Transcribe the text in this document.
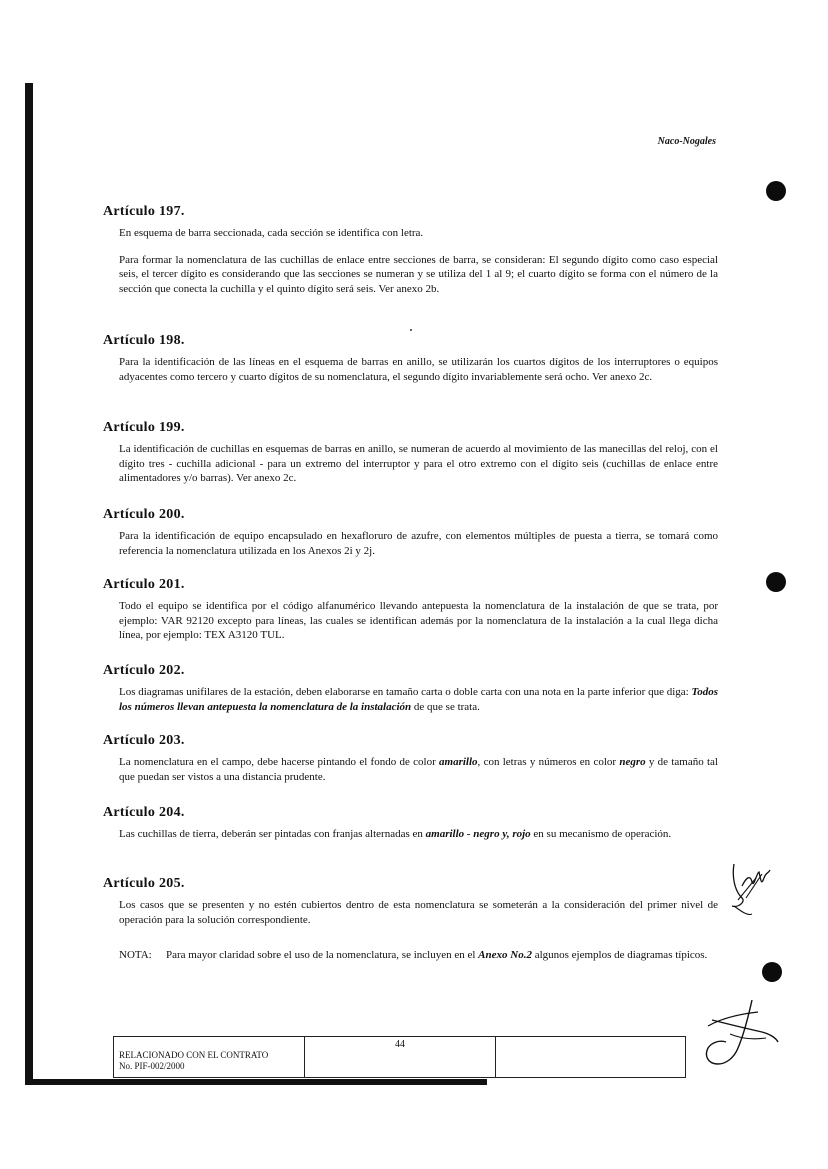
Naco-Nogales
Artículo 197.

En esquema de barra seccionada, cada sección se identifica con letra.

Para formar la nomenclatura de las cuchillas de enlace entre secciones de barra, se consideran: El segundo dígito como caso especial seis, el tercer dígito es considerando que las secciones se numeran y se utiliza del 1 al 9; el cuarto dígito se forma con el número de la sección que conecta la cuchilla y el quinto dígito será seis. Ver anexo 2b.

Artículo 198.

Para la identificación de las líneas en el esquema de barras en anillo, se utilizarán los cuartos dígitos de los interruptores o equipos adyacentes como tercero y cuarto dígitos de su nomenclatura, el segundo dígito invariablemente será ocho. Ver anexo 2c.

Artículo 199.

La identificación de cuchillas en esquemas de barras en anillo, se numeran de acuerdo al movimiento de las manecillas del reloj, con el dígito tres - cuchilla adicional - para un extremo del interruptor y para el otro extremo con el dígito seis (cuchillas de enlace entre alimentadores y/o barras). Ver anexo 2c.

Artículo 200.

Para la identificación de equipo encapsulado en hexafloruro de azufre, con elementos múltiples de puesta a tierra, se tomará como referencia la nomenclatura utilizada en los Anexos 2i y 2j.

Artículo 201.

Todo el equipo se identifica por el código alfanumérico llevando antepuesta la nomenclatura de la instalación de que se trata, por ejemplo: VAR 92120 excepto para líneas, las cuales se identifican además por la nomenclatura de la instalación a la cual llega dicha línea, por ejemplo: TEX A3120 TUL.

Artículo 202.

Los diagramas unifilares de la estación, deben elaborarse en tamaño carta o doble carta con una nota en la parte inferior que diga: Todos los números llevan antepuesta la nomenclatura de la instalación de que se trata.

Artículo 203.

La nomenclatura en el campo, debe hacerse pintando el fondo de color amarillo, con letras y números en color negro y de tamaño tal que puedan ser vistos a una distancia prudente.

Artículo 204.

Las cuchillas de tierra, deberán ser pintadas con franjas alternadas en amarillo - negro y, rojo en su mecanismo de operación.

Artículo 205.

Los casos que se presenten y no estén cubiertos dentro de esta nomenclatura se someterán a la consideración del primer nivel de operación para la solución correspondiente.

NOTA:	Para mayor claridad sobre el uso de la nomenclatura, se incluyen en el Anexo No.2 algunos ejemplos de diagramas típicos.
RELACIONADO CON EL CONTRATO
No. PIF-002/2000
44
